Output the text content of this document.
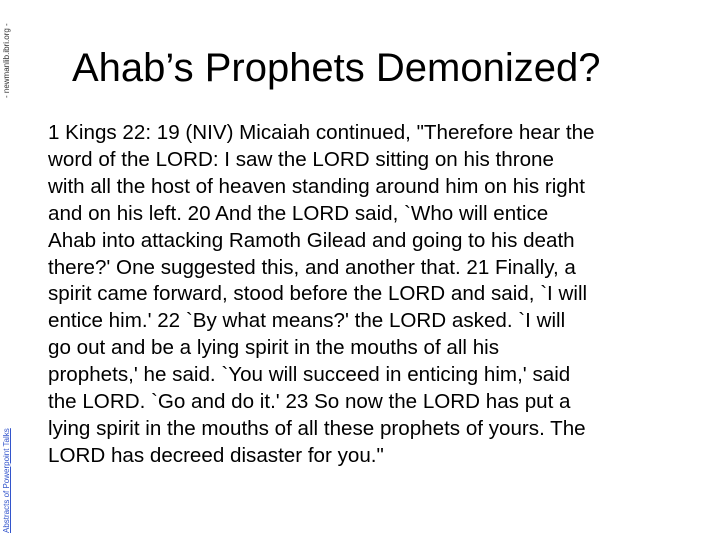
- newmanlib.ibri.org -
Abstracts of Powerpoint Talks
Ahab’s Prophets Demonized?
1 Kings 22: 19 (NIV) Micaiah continued, "Therefore hear the
word of the LORD: I saw the LORD sitting on his throne
with all the host of heaven standing around him on his right
and on his left. 20 And the LORD said, `Who will entice
Ahab into attacking Ramoth Gilead and going to his death
there?' One suggested this, and another that. 21 Finally, a
spirit came forward, stood before the LORD and said, `I will
entice him.' 22 `By what means?' the LORD asked. `I will
go out and be a lying spirit in the mouths of all his
prophets,' he said. `You will succeed in enticing him,' said
the LORD. `Go and do it.' 23 So now the LORD has put a
lying spirit in the mouths of all these prophets of yours. The
LORD has decreed disaster for you."
